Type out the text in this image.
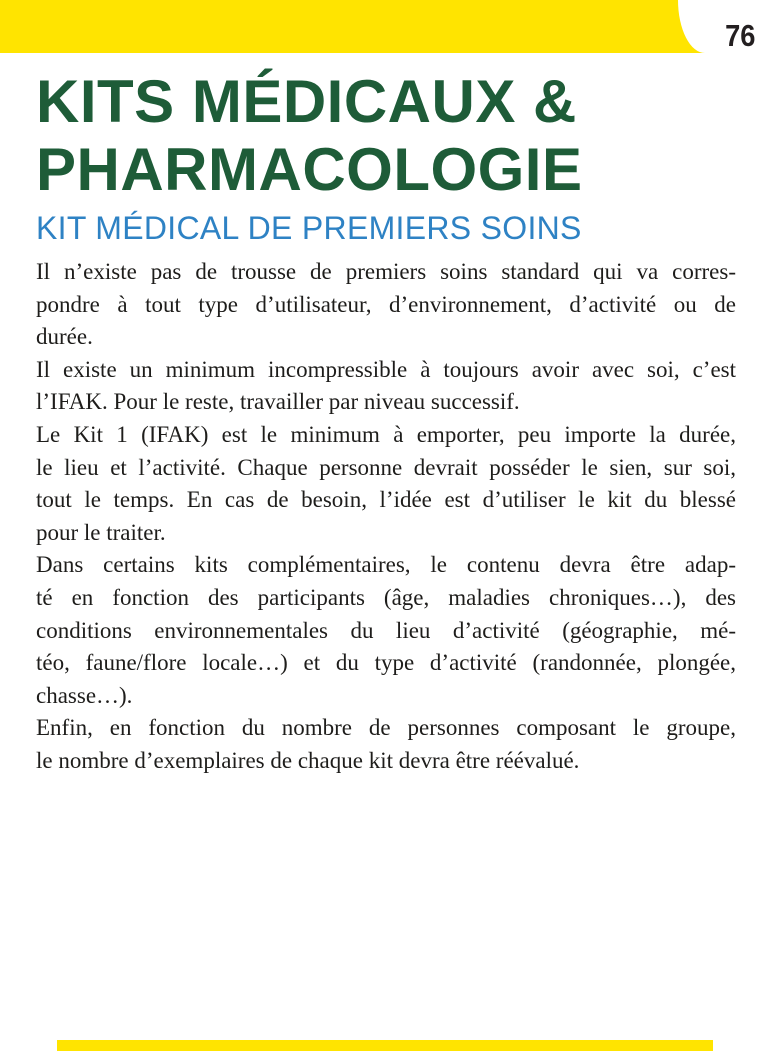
76
KITS MÉDICAUX &
PHARMACOLOGIE
KIT MÉDICAL DE PREMIERS SOINS
Il n’existe pas de trousse de premiers soins standard qui va corres-
pondre à tout type d’utilisateur, d’environnement, d’activité ou de
durée.
Il existe un minimum incompressible à toujours avoir avec soi, c’est
l’IFAK. Pour le reste, travailler par niveau successif.
Le Kit 1 (IFAK) est le minimum à emporter, peu importe la durée,
le lieu et l’activité. Chaque personne devrait posséder le sien, sur soi,
tout le temps. En cas de besoin, l’idée est d’utiliser le kit du blessé
pour le traiter.
Dans certains kits complémentaires, le contenu devra être adap-
té en fonction des participants (âge, maladies chroniques…), des
conditions environnementales du lieu d’activité (géographie, mé-
téo, faune/flore locale…) et du type d’activité (randonnée, plongée,
chasse…).
Enfin, en fonction du nombre de personnes composant le groupe,
le nombre d’exemplaires de chaque kit devra être réévalué.
